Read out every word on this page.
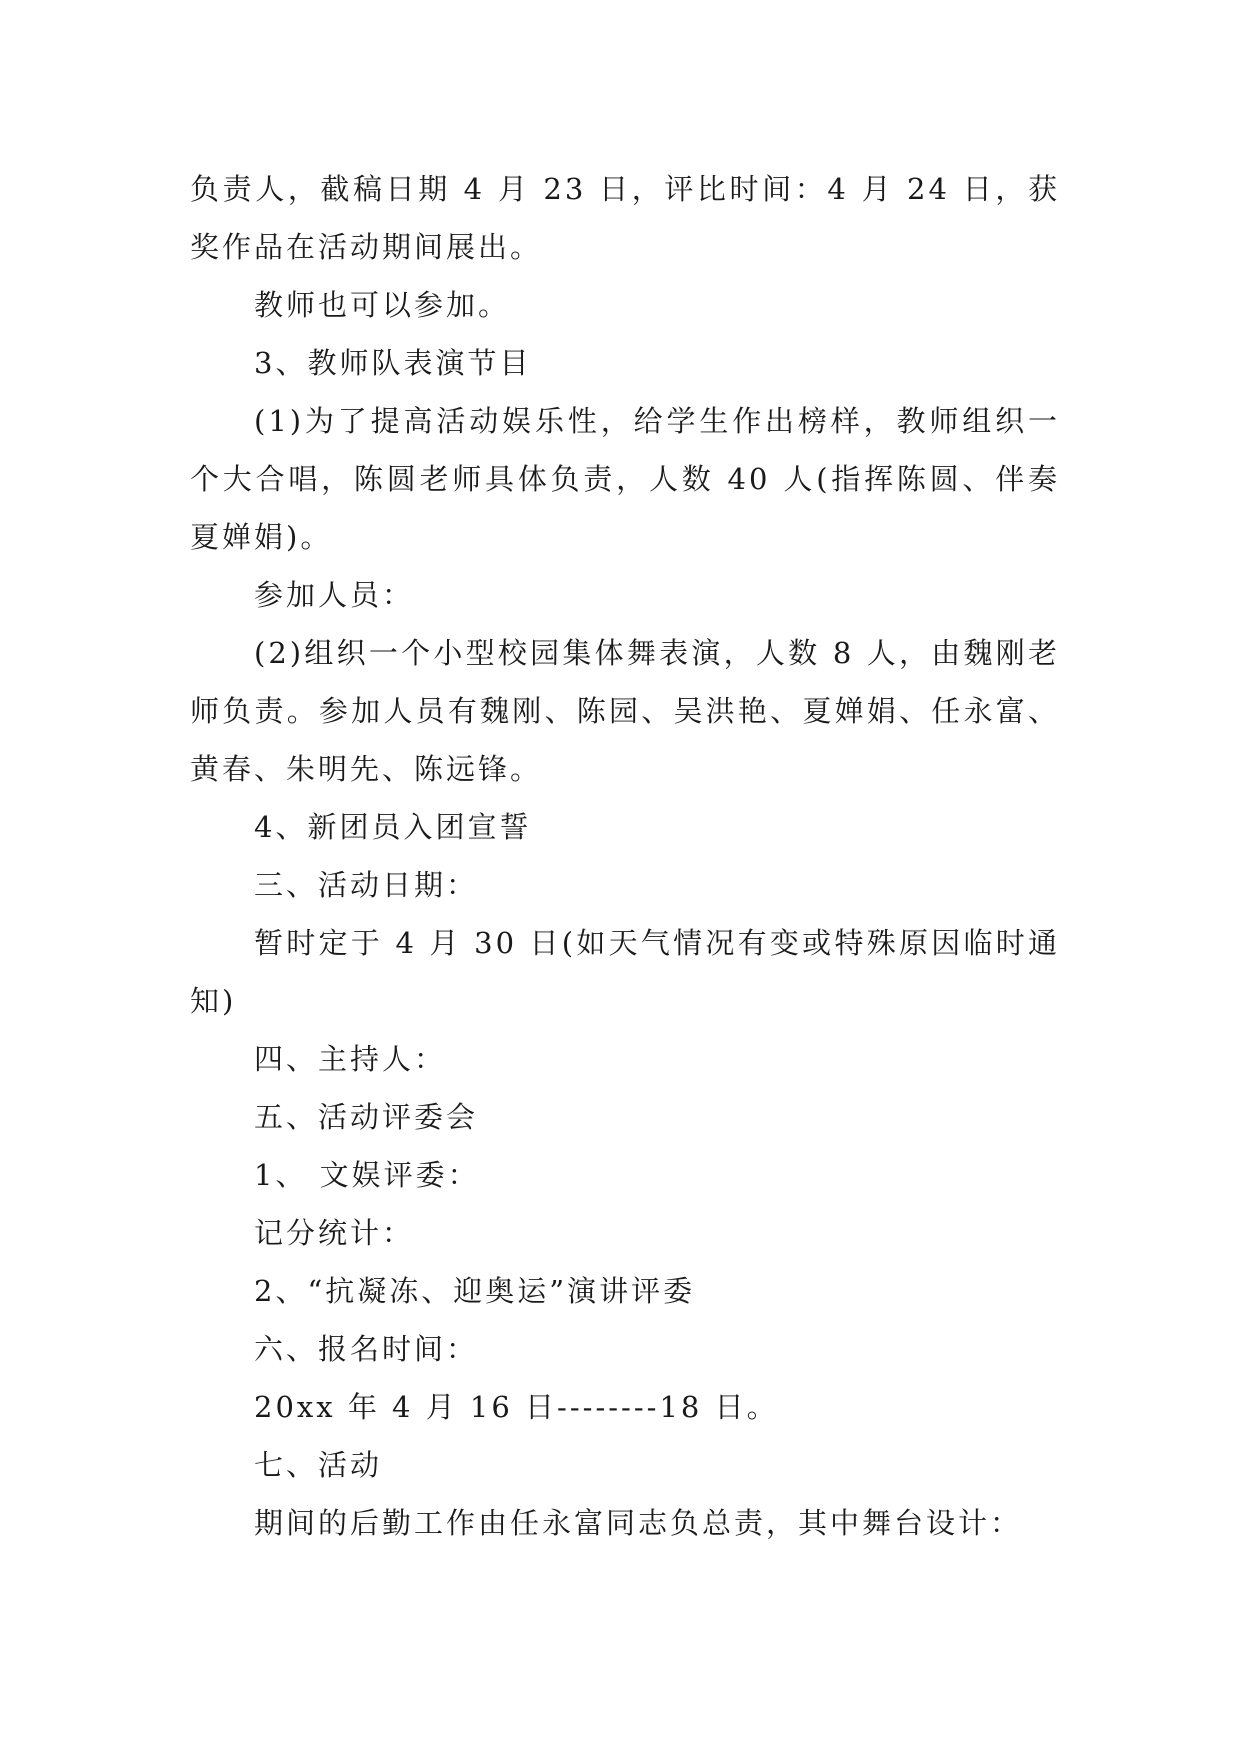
负责人，截稿日期 4 月 23 日，评比时间：4 月 24 日，获奖作品在活动期间展出。

教师也可以参加。

3、教师队表演节目

(1)为了提高活动娱乐性，给学生作出榜样，教师组织一个大合唱，陈圆老师具体负责，人数 40 人(指挥陈圆、伴奏夏婵娟)。

参加人员：

(2)组织一个小型校园集体舞表演，人数 8 人，由魏刚老师负责。参加人员有魏刚、陈园、吴洪艳、夏婵娟、任永富、黄春、朱明先、陈远锋。

4、新团员入团宣誓

三、活动日期：

暂时定于 4 月 30 日(如天气情况有变或特殊原因临时通知)

四、主持人：

五、活动评委会

1、 文娱评委：

记分统计：

2、“抗凝冻、迎奥运”演讲评委

六、报名时间：

20xx 年 4 月 16 日--------18 日。

七、活动

期间的后勤工作由任永富同志负总责，其中舞台设计：
